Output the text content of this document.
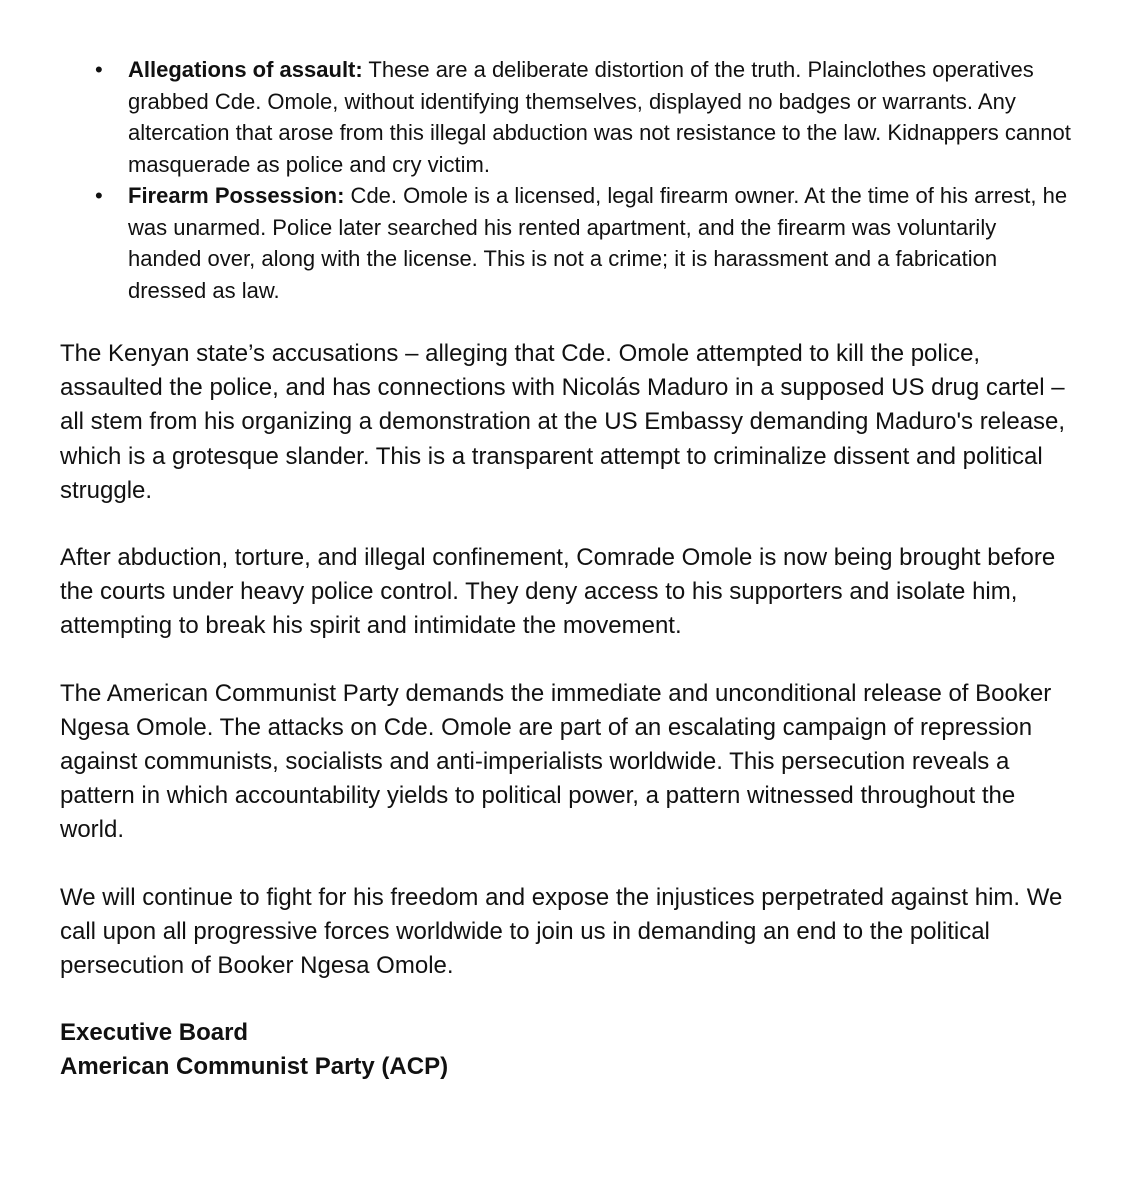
• Allegations of assault: These are a deliberate distortion of the truth. Plainclothes operatives grabbed Cde. Omole, without identifying themselves, displayed no badges or warrants. Any altercation that arose from this illegal abduction was not resistance to the law. Kidnappers cannot masquerade as police and cry victim.
• Firearm Possession: Cde. Omole is a licensed, legal firearm owner. At the time of his arrest, he was unarmed. Police later searched his rented apartment, and the firearm was voluntarily handed over, along with the license. This is not a crime; it is harassment and a fabrication dressed as law.

The Kenyan state’s accusations – alleging that Cde. Omole attempted to kill the police, assaulted the police, and has connections with Nicolás Maduro in a supposed US drug cartel – all stem from his organizing a demonstration at the US Embassy demanding Maduro's release, which is a grotesque slander. This is a transparent attempt to criminalize dissent and political struggle.

After abduction, torture, and illegal confinement, Comrade Omole is now being brought before the courts under heavy police control. They deny access to his supporters and isolate him, attempting to break his spirit and intimidate the movement.

The American Communist Party demands the immediate and unconditional release of Booker Ngesa Omole. The attacks on Cde. Omole are part of an escalating campaign of repression against communists, socialists and anti-imperialists worldwide. This persecution reveals a pattern in which accountability yields to political power, a pattern witnessed throughout the world.

We will continue to fight for his freedom and expose the injustices perpetrated against him. We call upon all progressive forces worldwide to join us in demanding an end to the political persecution of Booker Ngesa Omole.

Executive Board

American Communist Party (ACP)
